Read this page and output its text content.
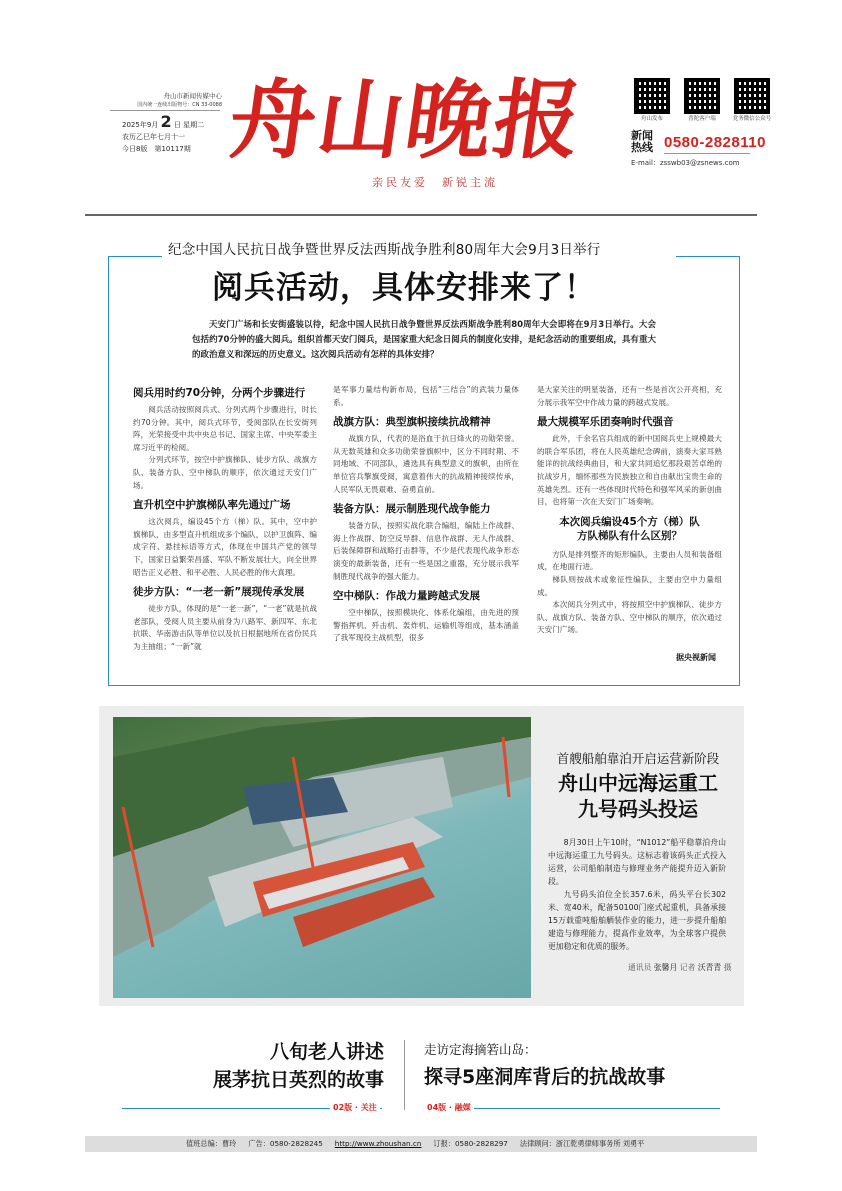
舟山市新闻传媒中心
国内统一连续出版物号：CN 33-0088
2025年9月 2 日 星期二
农历乙巳年七月十一
今日8版　第10117期 舟山晚报
亲民友爱　新锐主流
舟山发布	普陀客户端	党务微信公众号
新闻
热线 0580-2828110
E-mail：zsswb03@zsnews.com
纪念中国人民抗日战争暨世界反法西斯战争胜利80周年大会9月3日举行
阅兵活动，具体安排来了！
天安门广场和长安街盛装以待，纪念中国人民抗日战争暨世界反法西斯战争胜利80周年大会即将在9月3日举行。大会包括约70分钟的盛大阅兵。组织首都天安门阅兵，是国家重大纪念日阅兵的制度化安排，是纪念活动的重要组成，具有重大的政治意义和深远的历史意义。这次阅兵活动有怎样的具体安排？
阅兵用时约70分钟，分两个步骤进行

阅兵活动按照阅兵式、分列式两个步骤进行，时长约70分钟。其中，阅兵式环节，受阅部队在长安街列阵，光荣接受中共中央总书记、国家主席、中央军委主席习近平的检阅。

分列式环节，按空中护旗梯队、徒步方队、战旗方队、装备方队、空中梯队的顺序，依次通过天安门广场。

直升机空中护旗梯队率先通过广场

这次阅兵，编设45个方（梯）队。其中，空中护旗梯队，由多型直升机组成多个编队，以护卫旗阵、编成字符、悬挂标语等方式，体现在中国共产党的领导下，国家日益繁荣昌盛、军队不断发展壮大，向全世界昭告正义必胜、和平必胜、人民必胜的伟大真理。

徒步方队：“一老一新”展现传承发展

徒步方队，体现的是“一老一新”，“一老”就是抗战老部队，受阅人员主要从前身为八路军、新四军、东北抗联、华南游击队等单位以及抗日根据地所在省份民兵为主抽组；“一新”就

是军事力量结构新布局，包括“三结合”的武装力量体系。

战旗方队：典型旗帜接续抗战精神

战旗方队，代表的是浴血于抗日烽火的功勋荣誉。从无数英雄和众多功勋荣誉旗帜中，区分不同时期、不同地域、不同部队，遴选具有典型意义的旗帜，由所在单位官兵擎旗受阅，寓意着伟大的抗战精神接续传承，人民军队无畏艰难、奋勇直前。

装备方队：展示制胜现代战争能力

装备方队，按照实战化联合编组，编陆上作战群、海上作战群、防空反导群、信息作战群、无人作战群、后装保障群和战略打击群等，不少是代表现代战争形态演变的最新装备，还有一些是国之重器，充分展示我军制胜现代战争的强大能力。

空中梯队：作战力量跨越式发展

空中梯队，按照模块化、体系化编组，由先进的预警指挥机、歼击机、轰炸机、运输机等组成，基本涵盖了我军现役主战机型，很多

是大家关注的明星装备，还有一些是首次公开亮相，充分展示我军空中作战力量的跨越式发展。

最大规模军乐团奏响时代强音

此外，千余名官兵组成的新中国阅兵史上规模最大的联合军乐团，将在人民英雄纪念碑前，演奏大家耳熟能详的抗战经典曲目，和大家共同追忆那段艰苦卓绝的抗战岁月，缅怀那些为民族独立和自由献出宝贵生命的英雄先烈。还有一些体现时代特色和强军风采的新创曲目，也将第一次在天安门广场奏响。

本次阅兵编设45个方（梯）队
方队梯队有什么区别？

方队是排列整齐的矩形编队，主要由人员和装备组成，在地面行进。

梯队则按战术或象征性编队，主要由空中力量组成。

本次阅兵分列式中，将按照空中护旗梯队、徒步方队、战旗方队、装备方队、空中梯队的顺序，依次通过天安门广场。

据央视新闻
首艘船舶靠泊开启运营新阶段
舟山中远海运重工
九号码头投运

8月30日上午10时，“N1012”船平稳靠泊舟山中远海运重工九号码头。这标志着该码头正式投入运营，公司船舶制造与修理业务产能提升迈入新阶段。

九号码头泊位全长357.6米，码头平台长302米、宽40米，配备50100门座式起重机，具备承接15万载重吨船舶舾装作业的能力，进一步提升船舶建造与修理能力，提高作业效率，为全球客户提供更加稳定和优质的服务。

通讯员 张馨月 记者 沃青青 摄
八旬老人讲述
展茅抗日英烈的故事
走访定海摘箬山岛：
探寻5座洞库背后的抗战故事
02版 · 关注	04版 · 融媒
值班总编：曹玲 广告：0580-2828245 http://www.zhoushan.cn 订报：0580-2828297 法律顾问：浙江乾勇律师事务所 刘勇平
